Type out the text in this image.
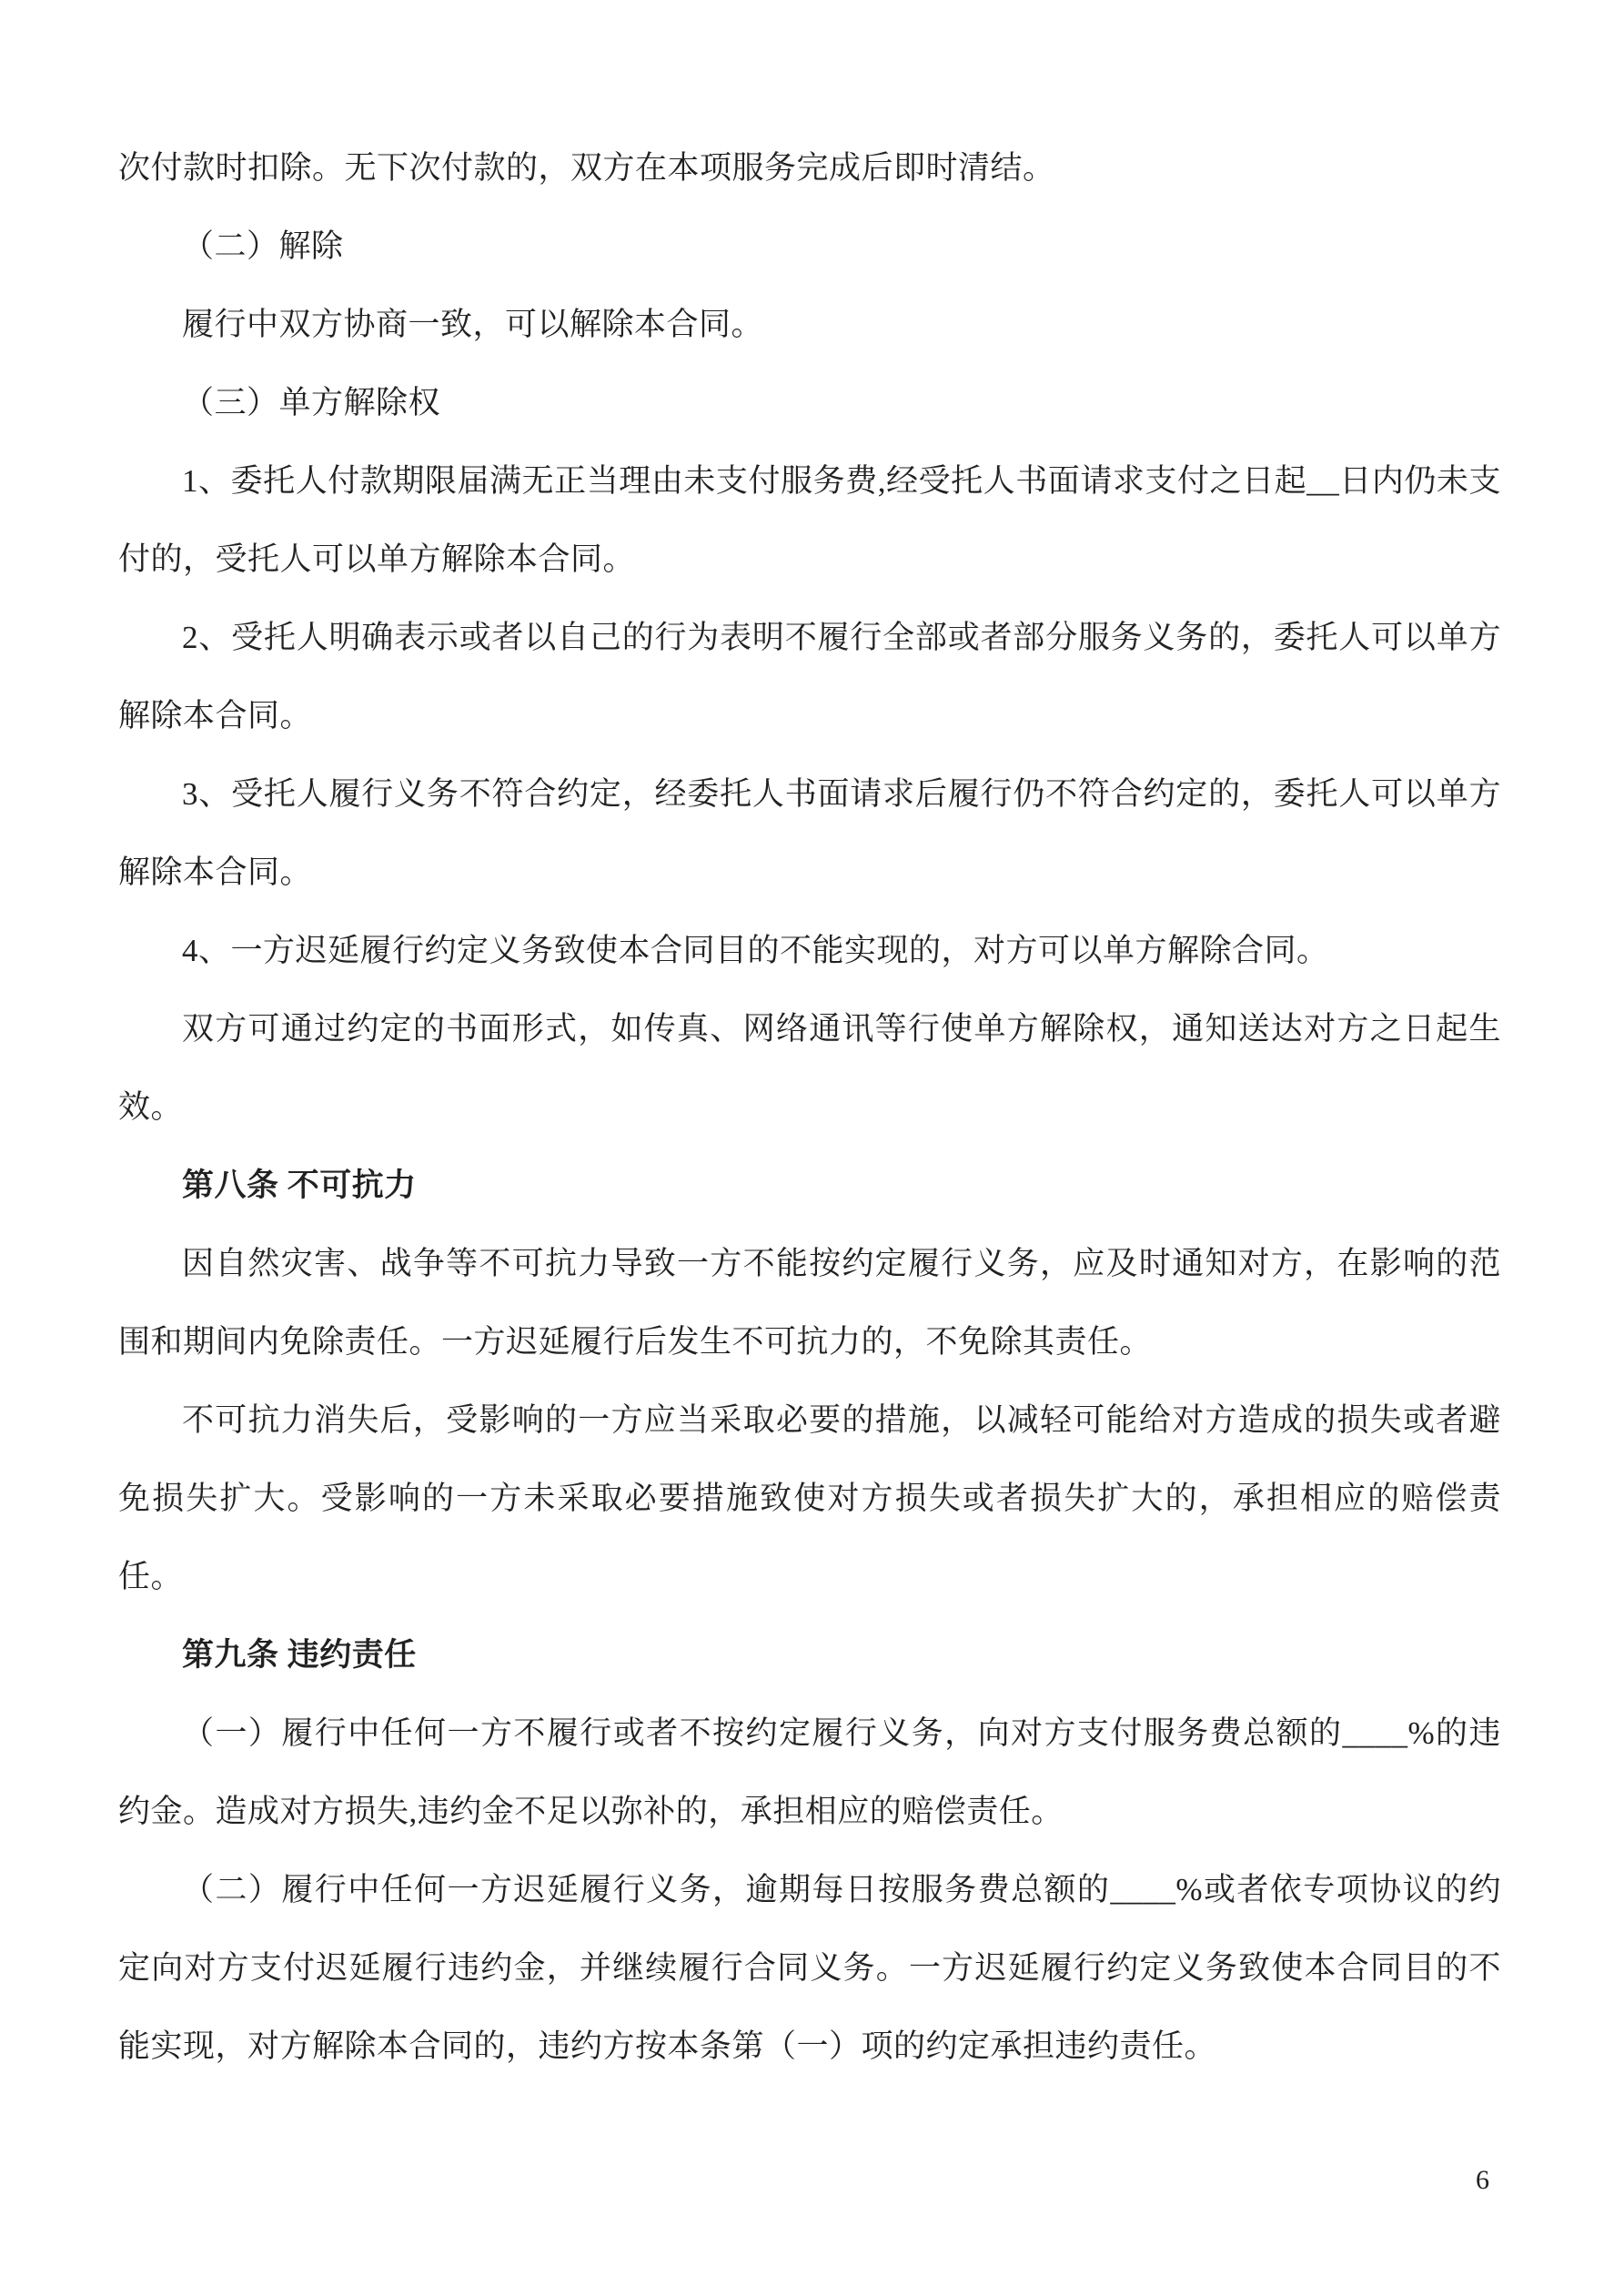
次付款时扣除。无下次付款的，双方在本项服务完成后即时清结。

（二）解除

履行中双方协商一致，可以解除本合同。

（三）单方解除权

1、委托人付款期限届满无正当理由未支付服务费,经受托人书面请求支付之日起__日内仍未支付的，受托人可以单方解除本合同。

2、受托人明确表示或者以自己的行为表明不履行全部或者部分服务义务的，委托人可以单方解除本合同。

3、受托人履行义务不符合约定，经委托人书面请求后履行仍不符合约定的，委托人可以单方解除本合同。

4、一方迟延履行约定义务致使本合同目的不能实现的，对方可以单方解除合同。

双方可通过约定的书面形式，如传真、网络通讯等行使单方解除权，通知送达对方之日起生效。

第八条 不可抗力

因自然灾害、战争等不可抗力导致一方不能按约定履行义务，应及时通知对方，在影响的范围和期间内免除责任。一方迟延履行后发生不可抗力的，不免除其责任。

不可抗力消失后，受影响的一方应当采取必要的措施，以减轻可能给对方造成的损失或者避免损失扩大。受影响的一方未采取必要措施致使对方损失或者损失扩大的，承担相应的赔偿责任。

第九条 违约责任

（一）履行中任何一方不履行或者不按约定履行义务，向对方支付服务费总额的____%的违约金。造成对方损失,违约金不足以弥补的，承担相应的赔偿责任。

（二）履行中任何一方迟延履行义务，逾期每日按服务费总额的____%或者依专项协议的约定向对方支付迟延履行违约金，并继续履行合同义务。一方迟延履行约定义务致使本合同目的不能实现，对方解除本合同的，违约方按本条第（一）项的约定承担违约责任。

6
